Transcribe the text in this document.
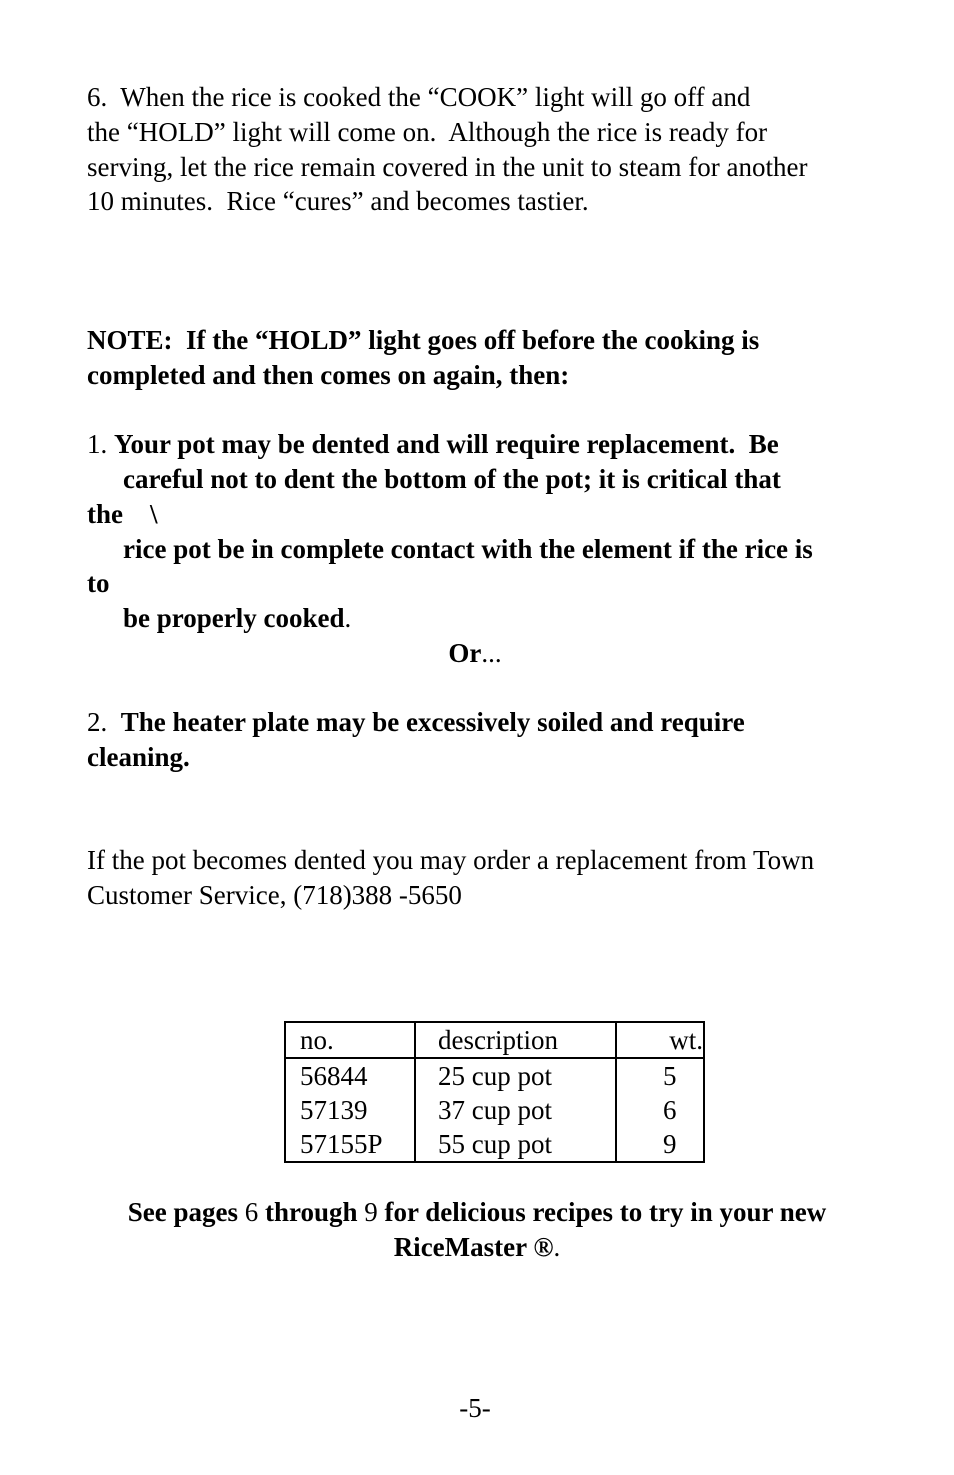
6.  When the rice is cooked the “COOK” light will go off and
the “HOLD” light will come on.  Although the rice is ready for
serving, let the rice remain covered in the unit to steam for another
10 minutes.  Rice “cures” and becomes tastier.
NOTE:  If the “HOLD” light goes off before the cooking is
completed and then comes on again, then:
1. Your pot may be dented and will require replacement.  Be
careful not to dent the bottom of the pot; it is critical that
the    \
rice pot be in complete contact with the element if the rice is
to
be properly cooked.
Or...
2.  The heater plate may be excessively soiled and require
cleaning.
If the pot becomes dented you may order a replacement from Town
Customer Service, (718)388 -5650
no.	description	wt.
56844	25 cup pot	5
57139	37 cup pot	6
57155P	55 cup pot	9
See pages 6 through 9 for delicious recipes to try in your new
RiceMaster ®.
-5-
